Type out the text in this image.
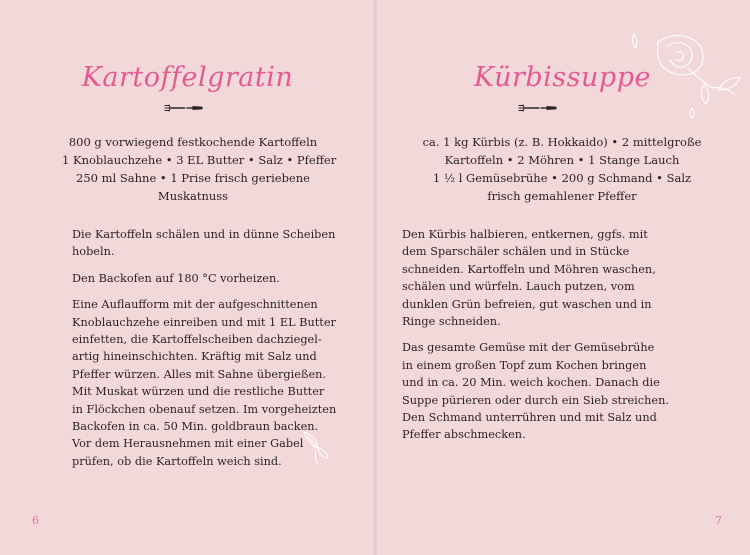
Kartoffelgratin
800 g vorwiegend festkochende Kartoffeln
1 Knoblauchzehe • 3 EL Butter • Salz • Pfeffer
250 ml Sahne • 1 Prise frisch geriebene
Muskatnuss

Die Kartoffeln schälen und in dünne Scheiben
hobeln.

Den Backofen auf 180 °C vorheizen.

Eine Auflaufform mit der aufgeschnittenen
Knoblauchzehe einreiben und mit 1 EL Butter
einfetten, die Kartoffelscheiben dachziegel-
artig hineinschichten. Kräftig mit Salz und
Pfeffer würzen. Alles mit Sahne übergießen.
Mit Muskat würzen und die restliche Butter
in Flöckchen obenauf setzen. Im vorgeheizten
Backofen in ca. 50 Min. goldbraun backen.
Vor dem Herausnehmen mit einer Gabel
prüfen, ob die Kartoffeln weich sind.

6
Kürbissuppe
ca. 1 kg Kürbis (z. B. Hokkaido) • 2 mittelgroße
Kartoffeln • 2 Möhren • 1 Stange Lauch
1 ½ l Gemüsebrühe • 200 g Schmand • Salz
frisch gemahlener Pfeffer

Den Kürbis halbieren, entkernen, ggfs. mit
dem Sparschäler schälen und in Stücke
schneiden. Kartoffeln und Möhren waschen,
schälen und würfeln. Lauch putzen, vom
dunklen Grün befreien, gut waschen und in
Ringe schneiden.

Das gesamte Gemüse mit der Gemüsebrühe
in einem großen Topf zum Kochen bringen
und in ca. 20 Min. weich kochen. Danach die
Suppe pürieren oder durch ein Sieb streichen.
Den Schmand unterrühren und mit Salz und
Pfeffer abschmecken.

7
